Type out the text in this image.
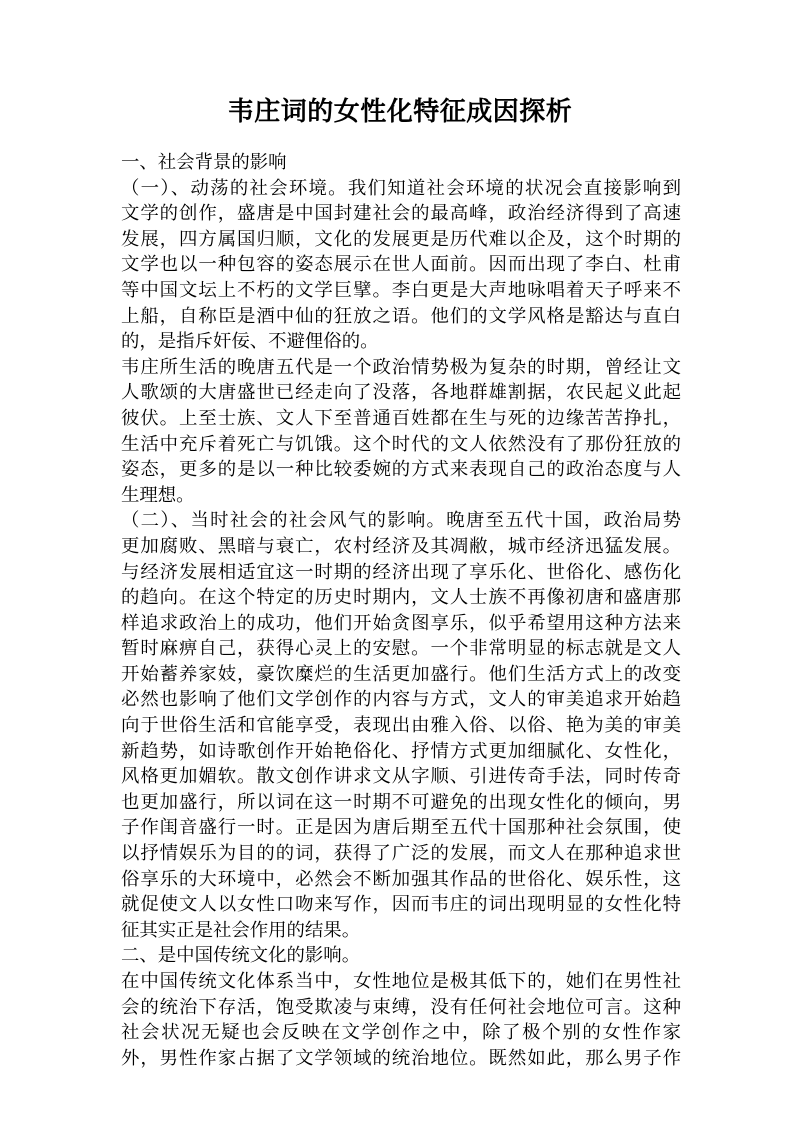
韦庄词的女性化特征成因探析
一、社会背景的影响
（一）、动荡的社会环境。我们知道社会环境的状况会直接影响到
文学的创作，盛唐是中国封建社会的最高峰，政治经济得到了高速
发展，四方属国归顺，文化的发展更是历代难以企及，这个时期的
文学也以一种包容的姿态展示在世人面前。因而出现了李白、杜甫
等中国文坛上不朽的文学巨擘。李白更是大声地咏唱着天子呼来不
上船，自称臣是酒中仙的狂放之语。他们的文学风格是豁达与直白
的，是指斥奸佞、不避俚俗的。
韦庄所生活的晚唐五代是一个政治情势极为复杂的时期，曾经让文
人歌颂的大唐盛世已经走向了没落，各地群雄割据，农民起义此起
彼伏。上至士族、文人下至普通百姓都在生与死的边缘苦苦挣扎，
生活中充斥着死亡与饥饿。这个时代的文人依然没有了那份狂放的
姿态，更多的是以一种比较委婉的方式来表现自己的政治态度与人
生理想。
（二）、当时社会的社会风气的影响。晚唐至五代十国，政治局势
更加腐败、黑暗与衰亡，农村经济及其凋敝，城市经济迅猛发展。
与经济发展相适宜这一时期的经济出现了享乐化、世俗化、感伤化
的趋向。在这个特定的历史时期内，文人士族不再像初唐和盛唐那
样追求政治上的成功，他们开始贪图享乐，似乎希望用这种方法来
暂时麻痹自己，获得心灵上的安慰。一个非常明显的标志就是文人
开始蓄养家妓，豪饮糜烂的生活更加盛行。他们生活方式上的改变
必然也影响了他们文学创作的内容与方式，文人的审美追求开始趋
向于世俗生活和官能享受，表现出由雅入俗、以俗、艳为美的审美
新趋势，如诗歌创作开始艳俗化、抒情方式更加细腻化、女性化，
风格更加媚软。散文创作讲求文从字顺、引进传奇手法，同时传奇
也更加盛行，所以词在这一时期不可避免的出现女性化的倾向，男
子作闺音盛行一时。正是因为唐后期至五代十国那种社会氛围，使
以抒情娱乐为目的的词，获得了广泛的发展，而文人在那种追求世
俗享乐的大环境中，必然会不断加强其作品的世俗化、娱乐性，这
就促使文人以女性口吻来写作，因而韦庄的词出现明显的女性化特
征其实正是社会作用的结果。
二、是中国传统文化的影响。
在中国传统文化体系当中，女性地位是极其低下的，她们在男性社
会的统治下存活，饱受欺凌与束缚，没有任何社会地位可言。这种
社会状况无疑也会反映在文学创作之中，除了极个别的女性作家
外，男性作家占据了文学领域的统治地位。既然如此，那么男子作
